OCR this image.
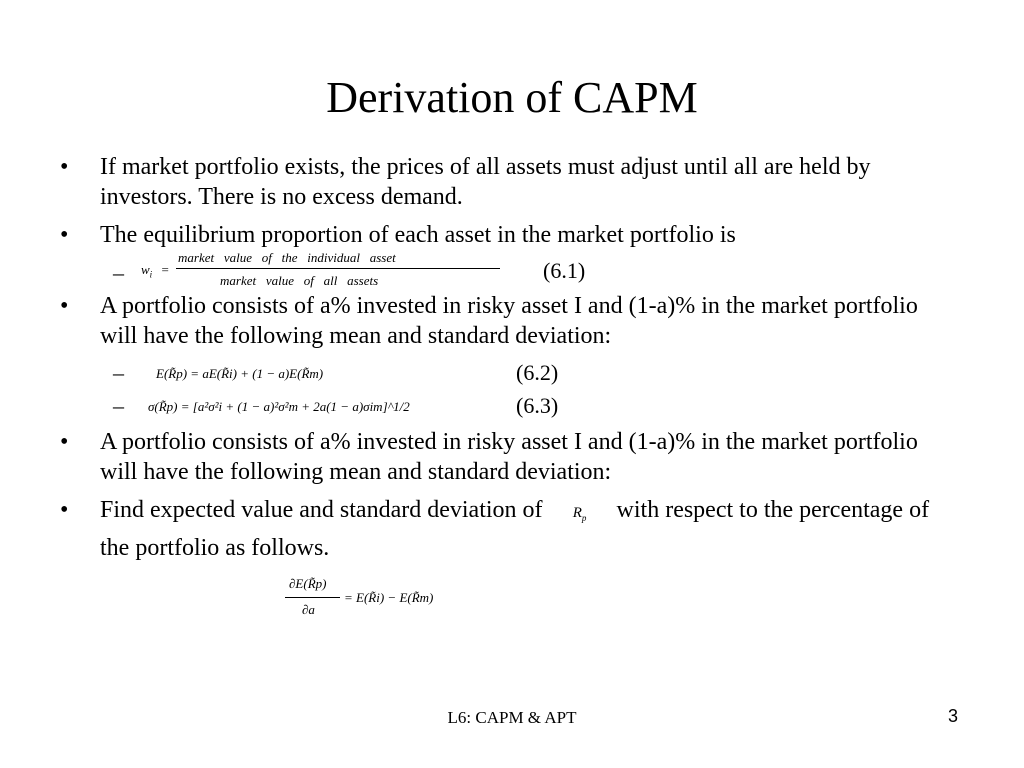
Derivation of CAPM
• If market portfolio exists, the prices of all assets must adjust until all are held by investors. There is no excess demand.
• The equilibrium proportion of each asset in the market portfolio is
– $w_i$ =
market   value   of   the   individual   asset
market   value   of   all   assets	(6.1)
• A portfolio consists of a% invested in risky asset I and (1-a)% in the market portfolio will have the following mean and standard deviation:
– E(R̃p) = aE(R̃i) + (1 − a)E(R̃m)	(6.2)
– σ(R̃p) = [a²σ²i + (1 − a)²σ²m + 2a(1 − a)σim]^1/2	(6.3)
• A portfolio consists of a% invested in risky asset I and (1-a)% in the market portfolio will have the following mean and standard deviation:
• Find expected value and standard deviation of $R_p$ with respect to the percentage of the portfolio as follows.
∂E(R̃p)
∂a
= E(R̃i) − E(R̃m)
L6: CAPM & APT	3
